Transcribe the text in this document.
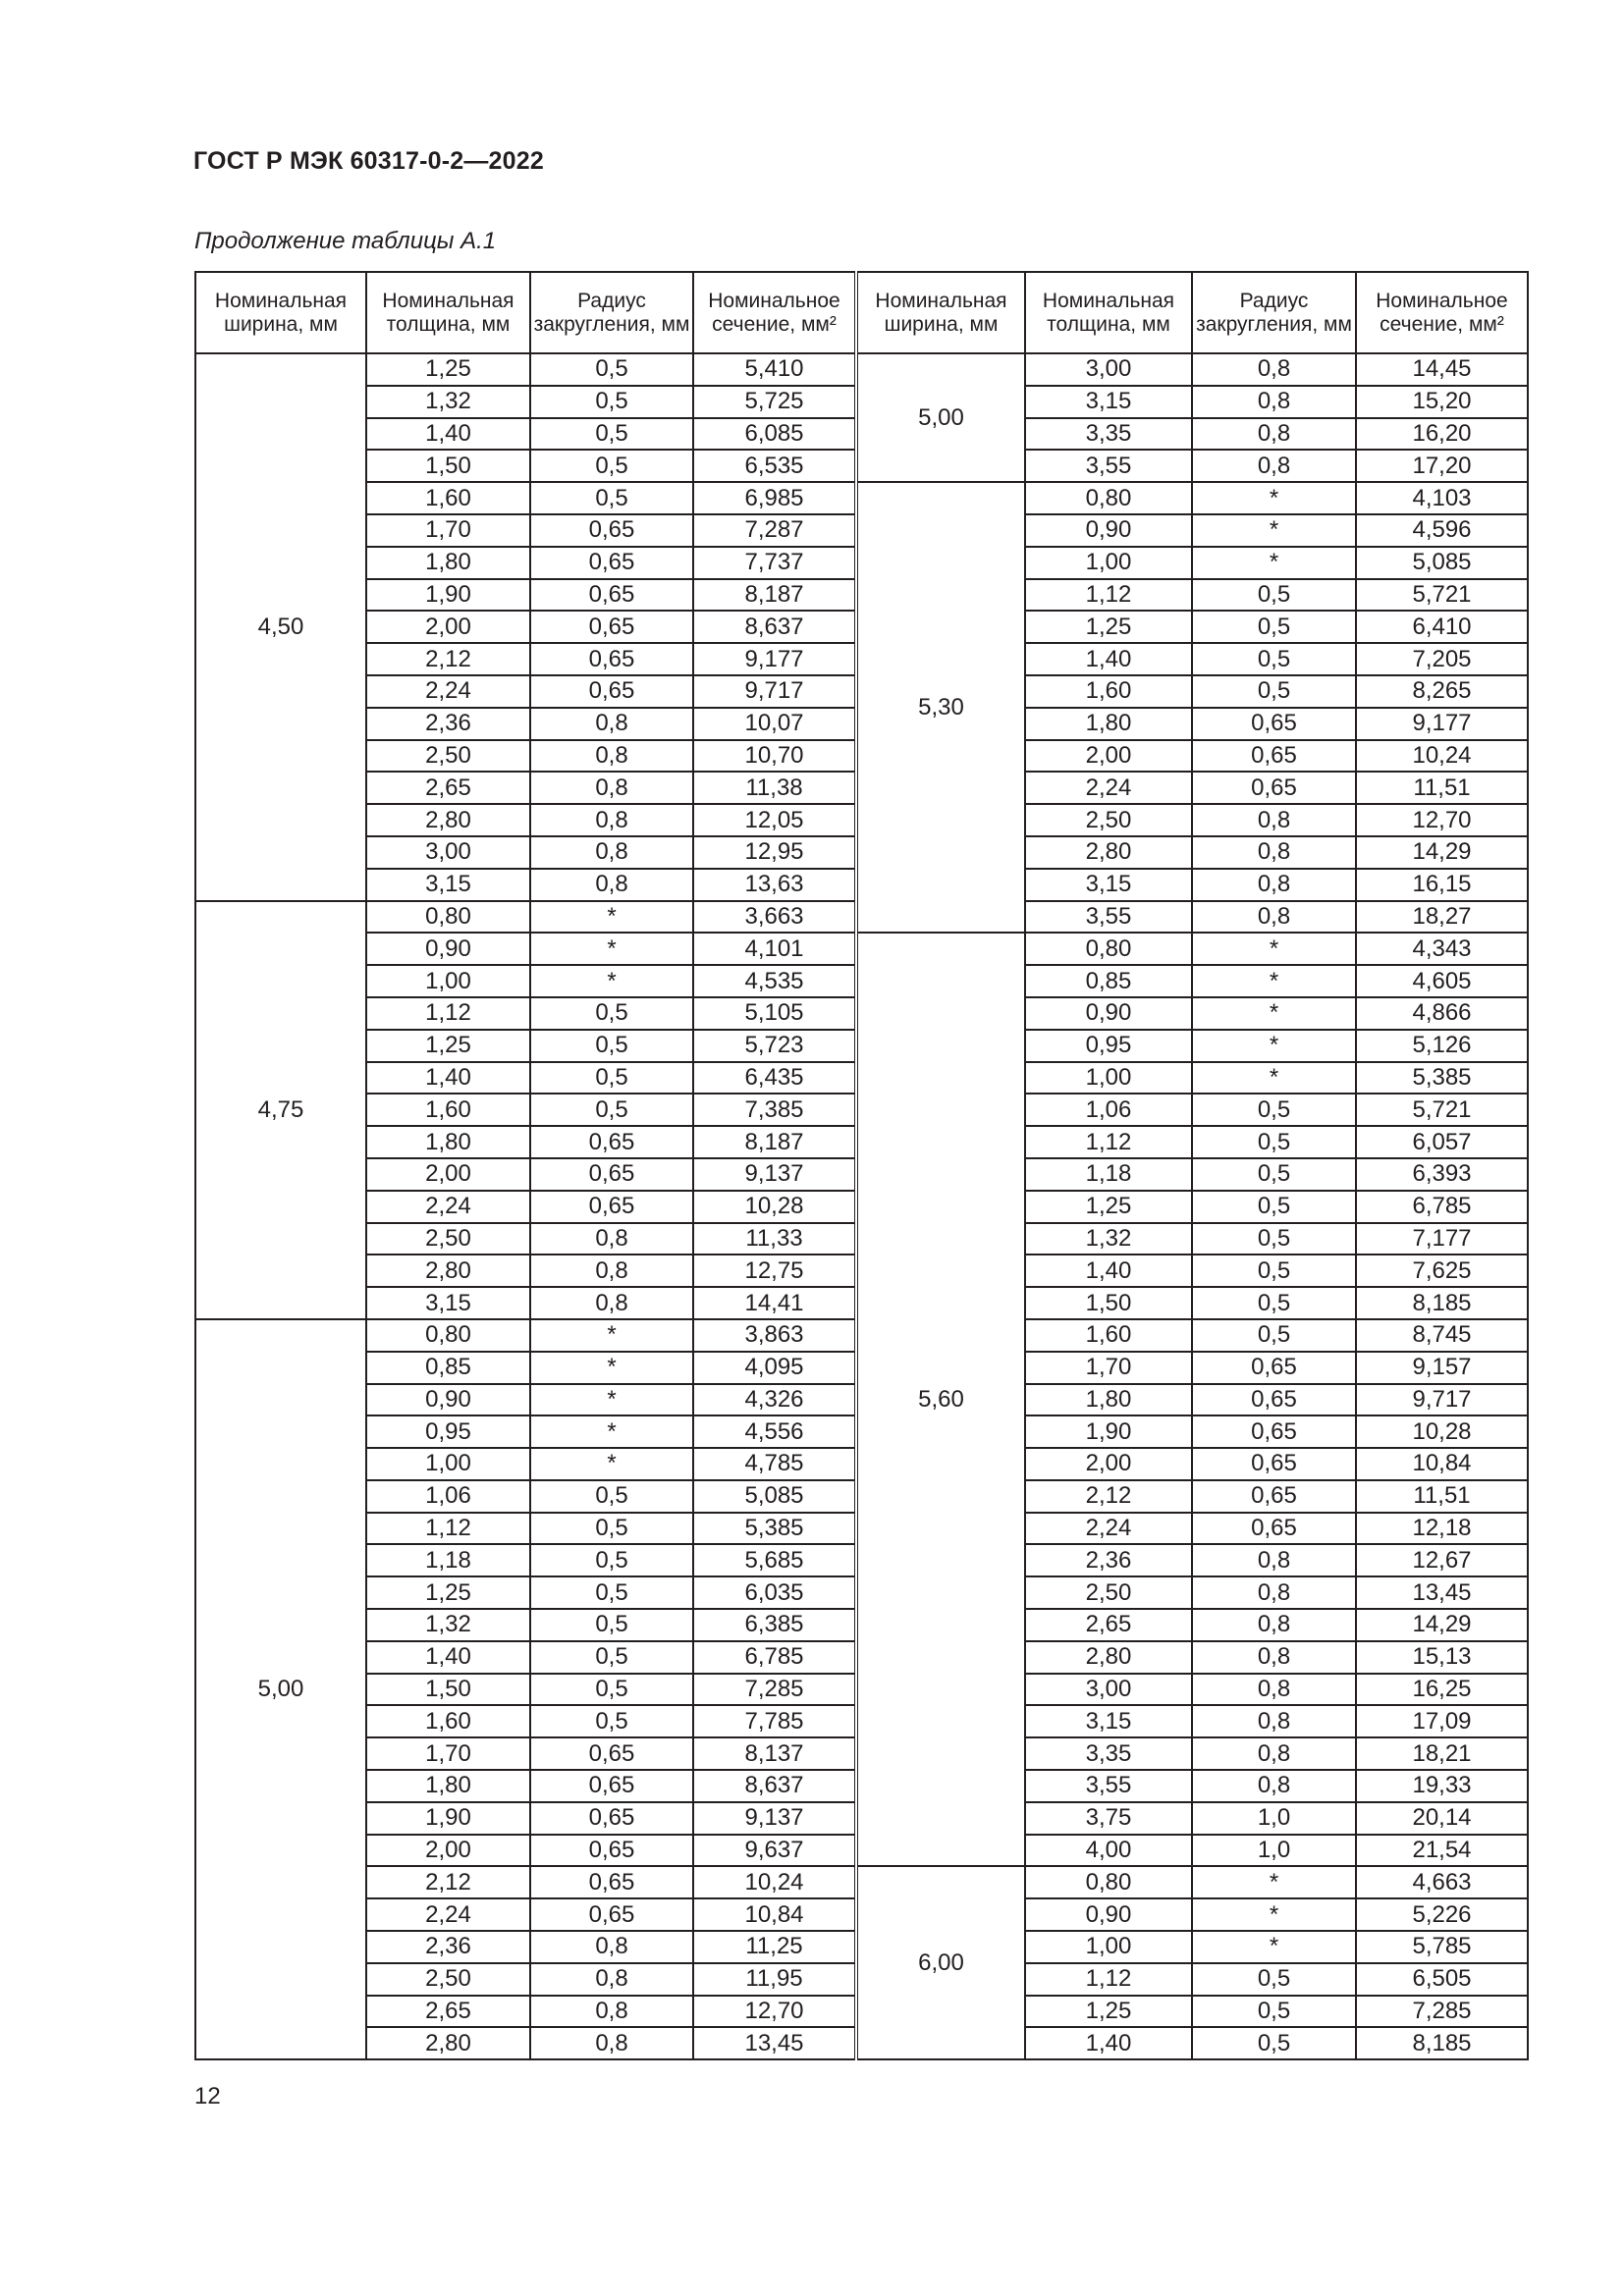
ГОСТ Р МЭК 60317-0-2—2022
Продолжение таблицы А.1
Номинальная ширина, мм	Номинальная толщина, мм	Радиус закругления, мм	Номинальное сечение, мм²	Номинальная ширина, мм	Номинальная толщина, мм	Радиус закругления, мм	Номинальное сечение, мм²
4,50	1,25	0,5	5,410	5,00	3,00	0,8	14,45
	1,32	0,5	5,725		3,15	0,8	15,20
	1,40	0,5	6,085		3,35	0,8	16,20
	1,50	0,5	6,535		3,55	0,8	17,20
	1,60	0,5	6,985	5,30	0,80	*	4,103
	1,70	0,65	7,287		0,90	*	4,596
	1,80	0,65	7,737		1,00	*	5,085
	1,90	0,65	8,187		1,12	0,5	5,721
	2,00	0,65	8,637		1,25	0,5	6,410
	2,12	0,65	9,177		1,40	0,5	7,205
	2,24	0,65	9,717		1,60	0,5	8,265
	2,36	0,8	10,07		1,80	0,65	9,177
	2,50	0,8	10,70		2,00	0,65	10,24
	2,65	0,8	11,38		2,24	0,65	11,51
	2,80	0,8	12,05		2,50	0,8	12,70
	3,00	0,8	12,95		2,80	0,8	14,29
	3,15	0,8	13,63		3,15	0,8	16,15
4,75	0,80	*	3,663		3,55	0,8	18,27
	0,90	*	4,101	5,60	0,80	*	4,343
	1,00	*	4,535		0,85	*	4,605
	1,12	0,5	5,105		0,90	*	4,866
	1,25	0,5	5,723		0,95	*	5,126
	1,40	0,5	6,435		1,00	*	5,385
	1,60	0,5	7,385		1,06	0,5	5,721
	1,80	0,65	8,187		1,12	0,5	6,057
	2,00	0,65	9,137		1,18	0,5	6,393
	2,24	0,65	10,28		1,25	0,5	6,785
	2,50	0,8	11,33		1,32	0,5	7,177
	2,80	0,8	12,75		1,40	0,5	7,625
	3,15	0,8	14,41		1,50	0,5	8,185
5,00	0,80	*	3,863		1,60	0,5	8,745
	0,85	*	4,095		1,70	0,65	9,157
	0,90	*	4,326		1,80	0,65	9,717
	0,95	*	4,556		1,90	0,65	10,28
	1,00	*	4,785		2,00	0,65	10,84
	1,06	0,5	5,085		2,12	0,65	11,51
	1,12	0,5	5,385		2,24	0,65	12,18
	1,18	0,5	5,685		2,36	0,8	12,67
	1,25	0,5	6,035		2,50	0,8	13,45
	1,32	0,5	6,385		2,65	0,8	14,29
	1,40	0,5	6,785		2,80	0,8	15,13
	1,50	0,5	7,285		3,00	0,8	16,25
	1,60	0,5	7,785		3,15	0,8	17,09
	1,70	0,65	8,137		3,35	0,8	18,21
	1,80	0,65	8,637		3,55	0,8	19,33
	1,90	0,65	9,137		3,75	1,0	20,14
	2,00	0,65	9,637		4,00	1,0	21,54
	2,12	0,65	10,24	6,00	0,80	*	4,663
	2,24	0,65	10,84		0,90	*	5,226
	2,36	0,8	11,25		1,00	*	5,785
	2,50	0,8	11,95		1,12	0,5	6,505
	2,65	0,8	12,70		1,25	0,5	7,285
	2,80	0,8	13,45		1,40	0,5	8,185
12
